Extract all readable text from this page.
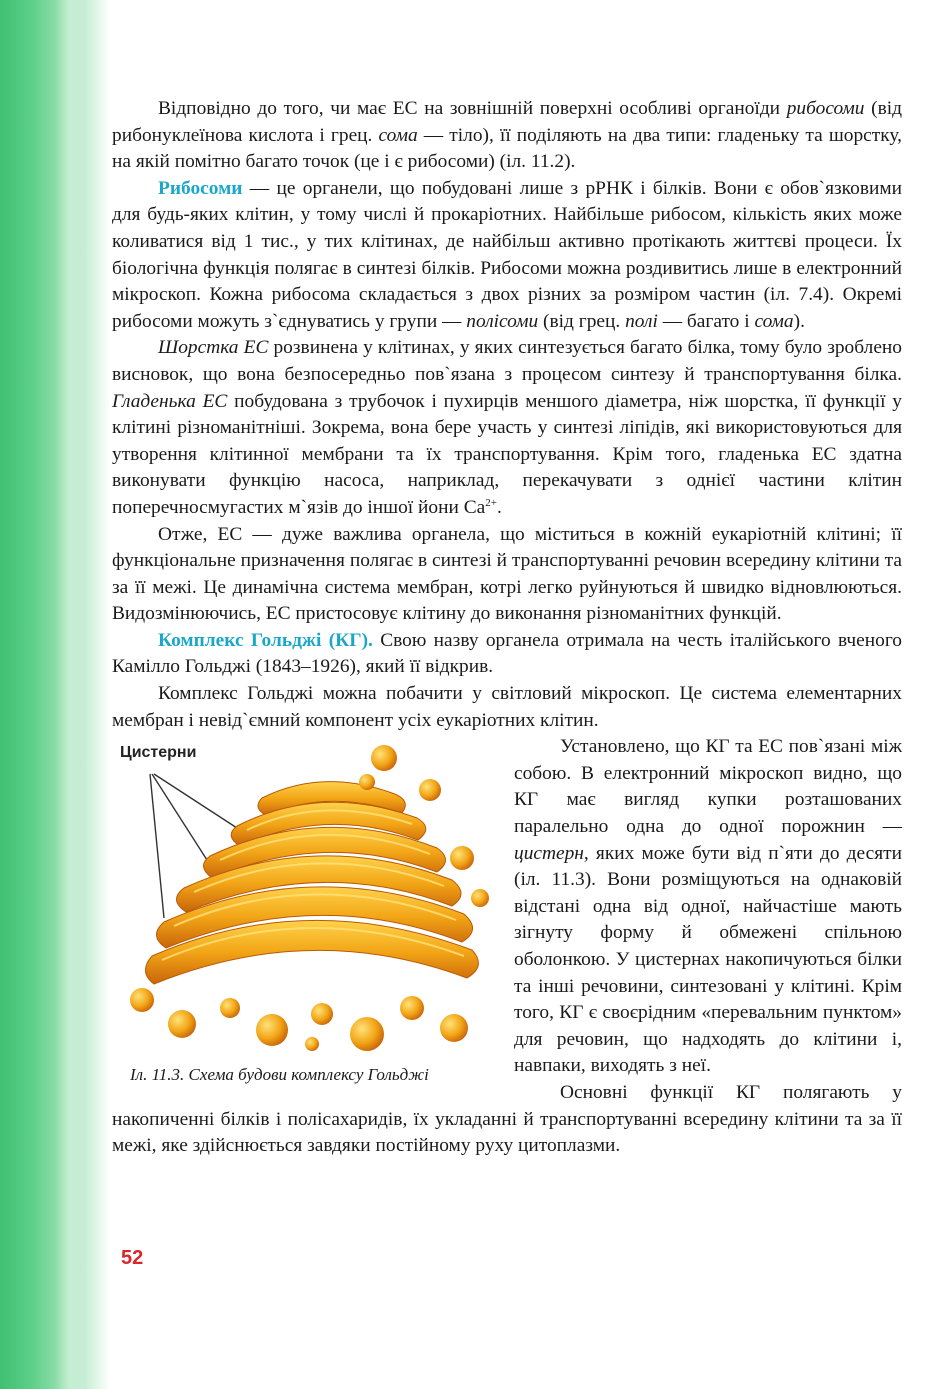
Відповідно до того, чи має ЕС на зовнішній поверхні особливі органоїди рибосоми (від рибонуклеїнова кислота і грец. сома — тіло), її поділяють на два типи: гладеньку та шорстку, на якій помітно багато точок (це і є рибосоми) (іл. 11.2).

Рибосоми — це органели, що побудовані лише з рРНК і білків. Вони є обов`язковими для будь-яких клітин, у тому числі й прокаріотних. Найбільше рибосом, кількість яких може коливатися від 1 тис., у тих клітинах, де найбільш активно протікають життєві процеси. Їх біологічна функція полягає в синтезі білків. Рибосоми можна роздивитись лише в електронний мікроскоп. Кожна рибосома складається з двох різних за розміром частин (іл. 7.4). Окремі рибосоми можуть з`єднуватись у групи — полісоми (від грец. полі — багато і сома).

Шорстка ЕС розвинена у клітинах, у яких синтезується багато білка, тому було зроблено висновок, що вона безпосередньо пов`язана з процесом синтезу й транспортування білка. Гладенька ЕС побудована з трубочок і пухирців меншого діаметра, ніж шорстка, її функції у клітині різноманітніші. Зокрема, вона бере участь у синтезі ліпідів, які використовуються для утворення клітинної мембрани та їх транспортування. Крім того, гладенька ЕС здатна виконувати функцію насоса, наприклад, перекачувати з однієї частини клітин поперечносмугастих м`язів до іншої йони $Са^{2+}$.

Отже, ЕС — дуже важлива органела, що міститься в кожній еукаріотній клітині; її функціональне призначення полягає в синтезі й транспортуванні речовин всередину клітини та за її межі. Це динамічна система мембран, котрі легко руйнуються й швидко відновлюються. Видозмінюючись, ЕС пристосовує клітину до виконання різноманітних функцій.

Комплекс Гольджі (КГ). Свою назву органела отримала на честь італійського вченого Камілло Гольджі (1843–1926), який її відкрив.

Комплекс Гольджі можна побачити у світловий мікроскоп. Це система елементарних мембран і невід`ємний компонент усіх еукаріотних клітин.

Цистерни
Іл. 11.3. Схема будови комплексу Гольджі

Установлено, що КГ та ЕС пов`язані між собою. В електронний мікроскоп видно, що КГ має вигляд купки розташованих паралельно одна до одної порожнин — цистерн, яких може бути від п`яти до десяти (іл. 11.3). Вони розміщуються на однаковій відстані одна від одної, найчастіше мають зігнуту форму й обмежені спільною оболонкою. У цистернах накопичуються білки та інші речовини, синтезовані у клітині. Крім того, КГ є своєрідним «перевальним пунктом» для речовин, що надходять до клітини і, навпаки, виходять з неї.

Основні функції КГ полягають у накопиченні білків і полісахаридів, їх укладанні й транспортуванні всередину клітини та за її межі, яке здійснюється завдяки постійному руху цитоплазми.

52
